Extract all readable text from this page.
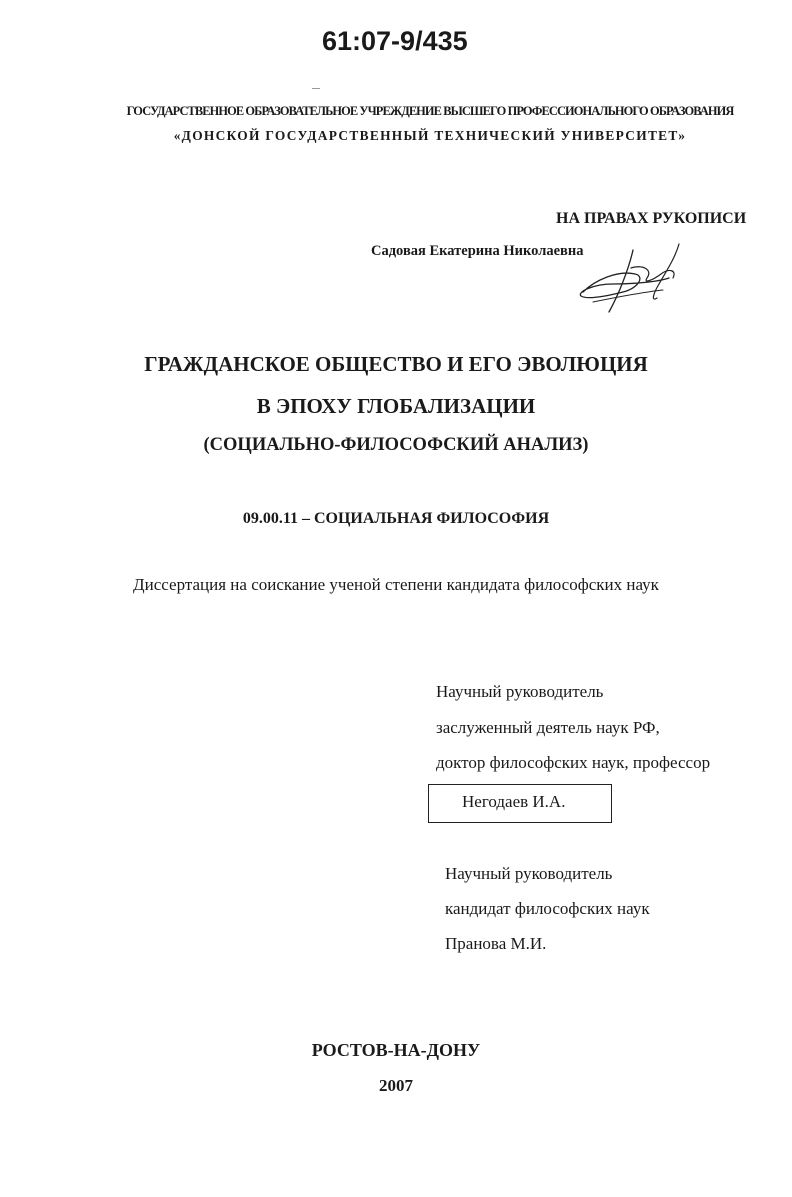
61:07-9/435
ГОСУДАРСТВЕННОЕ ОБРАЗОВАТЕЛЬНОЕ УЧРЕЖДЕНИЕ ВЫСШЕГО ПРОФЕССИОНАЛЬНОГО ОБРАЗОВАНИЯ
«ДОНСКОЙ ГОСУДАРСТВЕННЫЙ ТЕХНИЧЕСКИЙ УНИВЕРСИТЕТ»
НА ПРАВАХ РУКОПИСИ
Садовая Екатерина Николаевна
ГРАЖДАНСКОЕ ОБЩЕСТВО И ЕГО ЭВОЛЮЦИЯ
В ЭПОХУ ГЛОБАЛИЗАЦИИ
(СОЦИАЛЬНО-ФИЛОСОФСКИЙ АНАЛИЗ)
09.00.11 – СОЦИАЛЬНАЯ ФИЛОСОФИЯ
Диссертация на соискание ученой степени кандидата философских наук
Научный руководитель
заслуженный деятель наук РФ,
доктор философских наук, профессор
Негодаев И.А.
Научный руководитель
кандидат философских наук
Пранова М.И.
РОСТОВ-НА-ДОНУ
2007
